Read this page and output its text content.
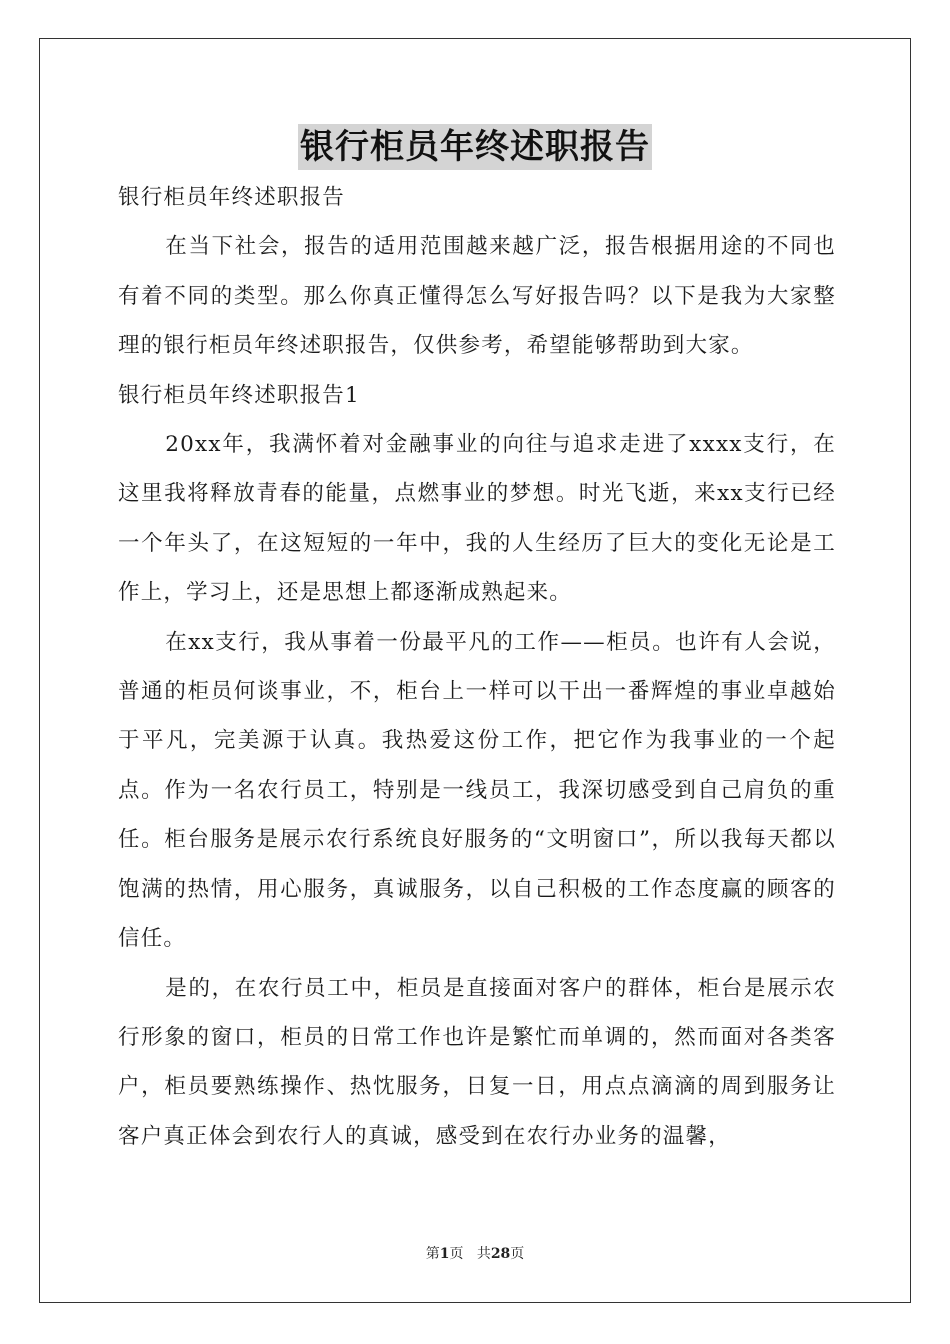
银行柜员年终述职报告

银行柜员年终述职报告

在当下社会，报告的适用范围越来越广泛，报告根据用途的不同也有着不同的类型。那么你真正懂得怎么写好报告吗？以下是我为大家整理的银行柜员年终述职报告，仅供参考，希望能够帮助到大家。

银行柜员年终述职报告1

20xx年，我满怀着对金融事业的向往与追求走进了xxxx支行，在这里我将释放青春的能量，点燃事业的梦想。时光飞逝，来xx支行已经一个年头了，在这短短的一年中，我的人生经历了巨大的变化无论是工作上，学习上，还是思想上都逐渐成熟起来。

在xx支行，我从事着一份最平凡的工作——柜员。也许有人会说，普通的柜员何谈事业，不，柜台上一样可以干出一番辉煌的事业卓越始于平凡，完美源于认真。我热爱这份工作，把它作为我事业的一个起点。作为一名农行员工，特别是一线员工，我深切感受到自己肩负的重任。柜台服务是展示农行系统良好服务的“文明窗口”，所以我每天都以饱满的热情，用心服务，真诚服务，以自己积极的工作态度赢的顾客的信任。

是的，在农行员工中，柜员是直接面对客户的群体，柜台是展示农行形象的窗口，柜员的日常工作也许是繁忙而单调的，然而面对各类客户，柜员要熟练操作、热忱服务，日复一日，用点点滴滴的周到服务让客户真正体会到农行人的真诚，感受到在农行办业务的温馨，

第1页 共28页
